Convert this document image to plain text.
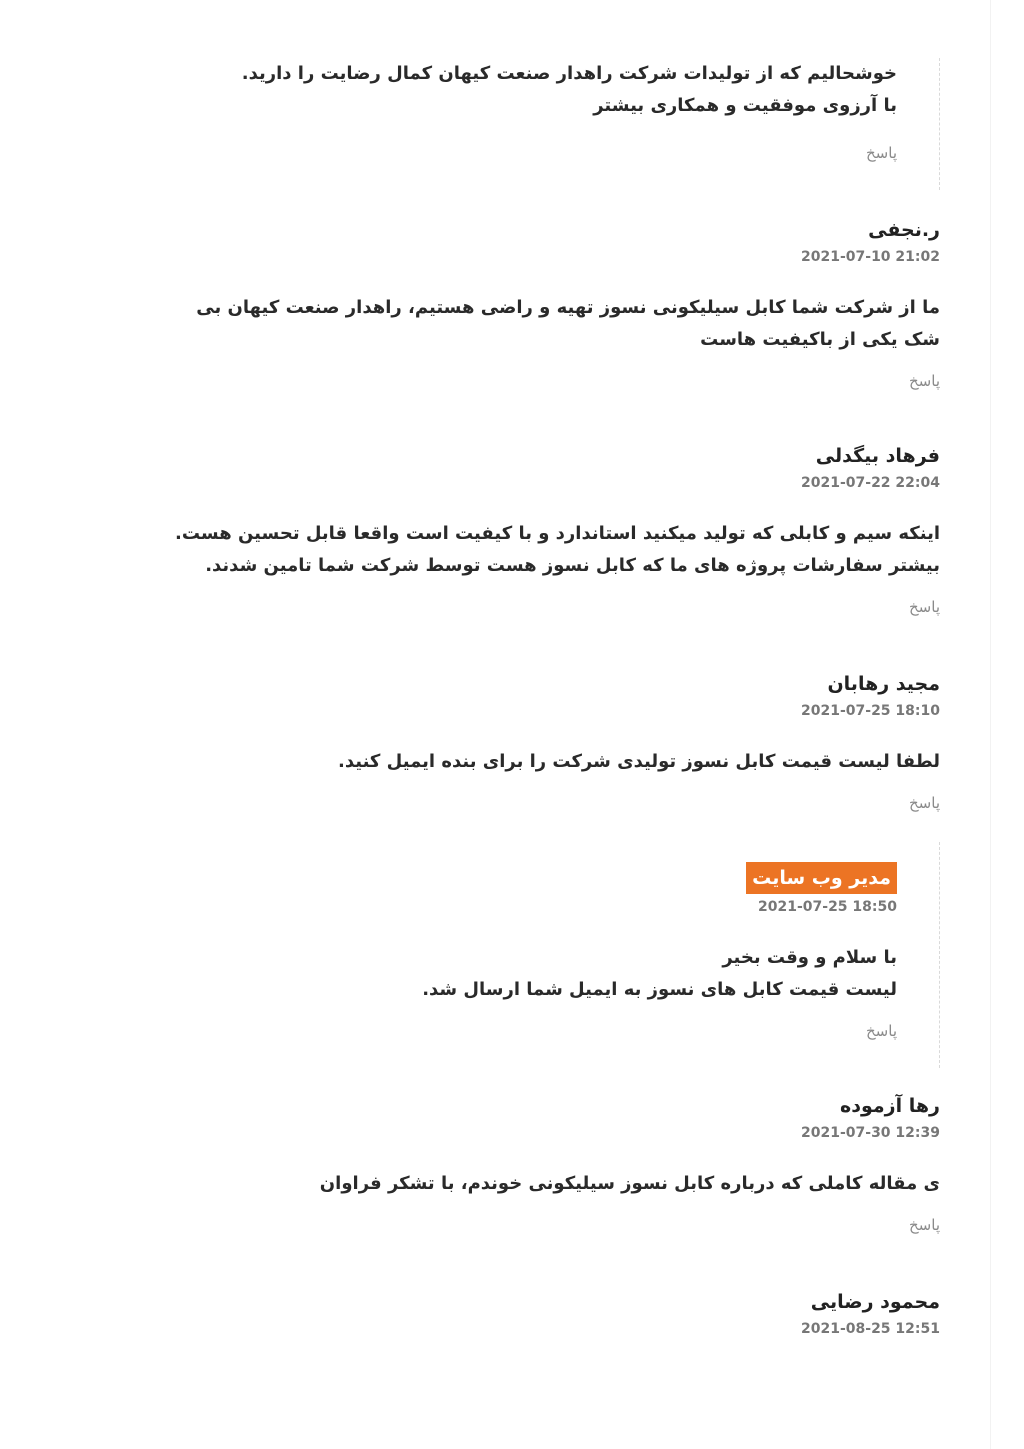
خوشحالیم که از تولیدات شرکت راهدار صنعت کیهان کمال رضایت را دارید.

با آرزوی موفقیت و همکاری بیشتر

پاسخ
ر.نجفی
2021-07-10 21:02

ما از شرکت شما کابل سیلیکونی نسوز تهیه و راضی هستیم، راهدار صنعت کیهان بی شک یکی از باکیفیت هاست

پاسخ
فرهاد بیگدلی
2021-07-22 22:04

اینکه سیم و کابلی که تولید میکنید استاندارد و با کیفیت است واقعا قابل تحسین هست. بیشتر سفارشات پروژه های ما که کابل نسوز هست توسط شرکت شما تامین شدند.

پاسخ
مجید رهابان
2021-07-25 18:10

لطفا لیست قیمت کابل نسوز تولیدی شرکت را برای بنده ایمیل کنید.

پاسخ
مدیر وب سایت
2021-07-25 18:50

با سلام و وقت بخیر

لیست قیمت کابل های نسوز به ایمیل شما ارسال شد.

پاسخ
رها آزموده
2021-07-30 12:39

ی مقاله کاملی که درباره کابل نسوز سیلیکونی خوندم، با تشکر فراوان

پاسخ
محمود رضایی
2021-08-25 12:51
